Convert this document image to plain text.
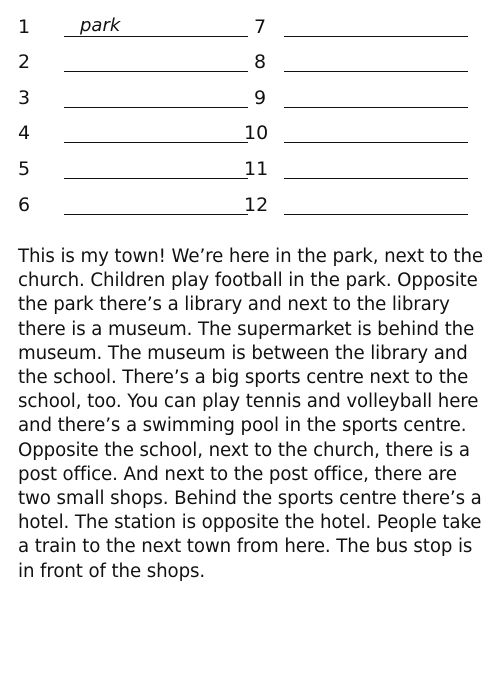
1	park
2
3
4
5
6
7
8
9
10
11
12

This is my town! We’re here in the park, next to the church. Children play football in the park. Opposite the park there’s a library and next to the library there is a museum. The supermarket is behind the museum. The museum is between the library and the school. There’s a big sports centre next to the school, too. You can play tennis and volleyball here and there’s a swimming pool in the sports centre. Opposite the school, next to the church, there is a post office. And next to the post office, there are two small shops. Behind the sports centre there’s a hotel. The station is opposite the hotel. People take a train to the next town from here. The bus stop is in front of the shops.
